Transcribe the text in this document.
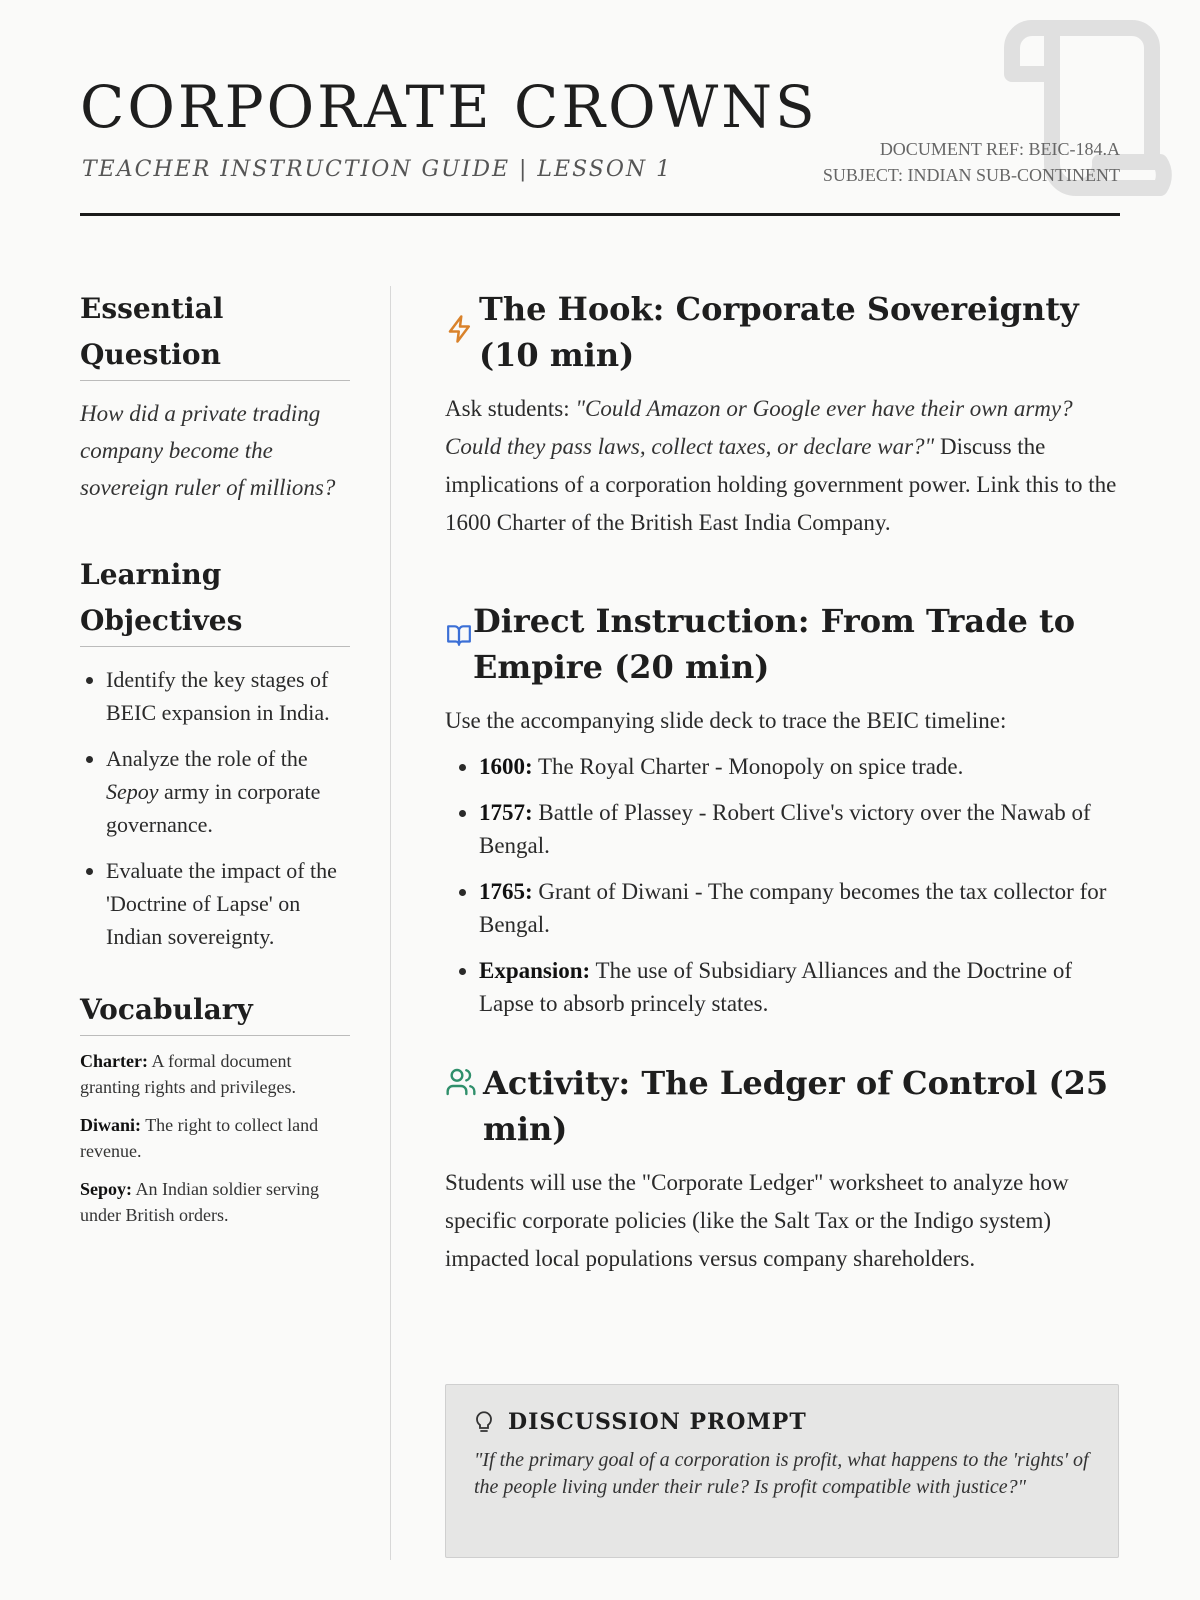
CORPORATE CROWNS
TEACHER INSTRUCTION GUIDE | LESSON 1
DOCUMENT REF: BEIC-184.A
SUBJECT: INDIAN SUB-CONTINENT
Essential Question

How did a private trading company become the sovereign ruler of millions?

Learning Objectives
• Identify the key stages of BEIC expansion in India.
• Analyze the role of the Sepoy army in corporate governance.
• Evaluate the impact of the 'Doctrine of Lapse' on Indian sovereignty.
Vocabulary

Charter: A formal document granting rights and privileges.

Diwani: The right to collect land revenue.

Sepoy: An Indian soldier serving under British orders.

The Hook: Corporate Sovereignty (10 min)

Ask students: "Could Amazon or Google ever have their own army? Could they pass laws, collect taxes, or declare war?" Discuss the implications of a corporation holding government power. Link this to the 1600 Charter of the British East India Company.

Direct Instruction: From Trade to Empire (20 min)

Use the accompanying slide deck to trace the BEIC timeline:

• 1600: The Royal Charter - Monopoly on spice trade.
• 1757: Battle of Plassey - Robert Clive's victory over the Nawab of Bengal.
• 1765: Grant of Diwani - The company becomes the tax collector for Bengal.
• Expansion: The use of Subsidiary Alliances and the Doctrine of Lapse to absorb princely states.
Activity: The Ledger of Control (25 min)

Students will use the "Corporate Ledger" worksheet to analyze how specific corporate policies (like the Salt Tax or the Indigo system) impacted local populations versus company shareholders.

DISCUSSION PROMPT
"If the primary goal of a corporation is profit, what happens to the 'rights' of the people living under their rule? Is profit compatible with justice?"
